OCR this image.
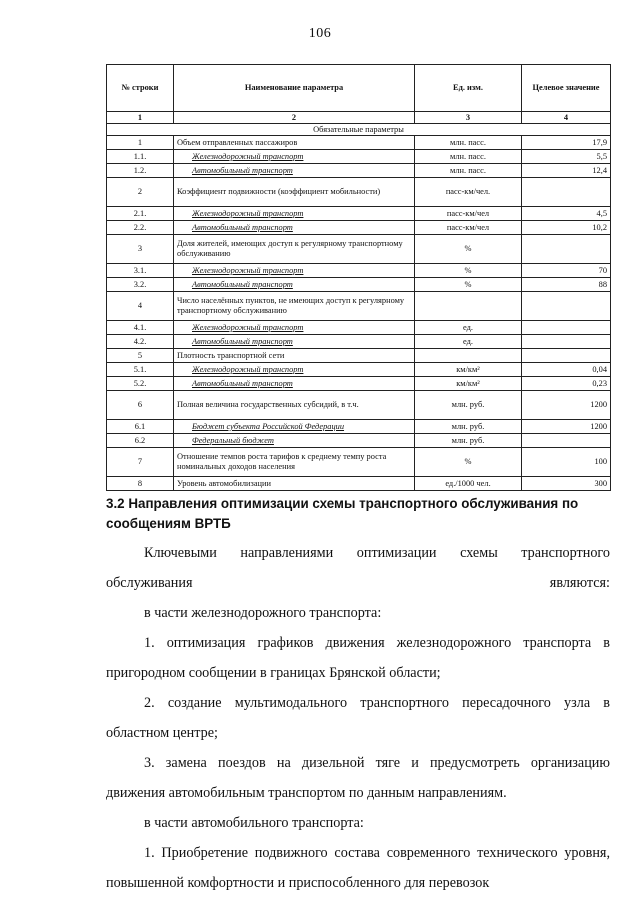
106
№ строки	Наименование параметра	Ед. изм.	Целевое значение
1	2	3	4
Обязательные параметры			
1	Объем отправленных пассажиров	млн. пасс.	17,9
1.1.	Железнодорожный транспорт	млн. пасс.	5,5
1.2.	Автомобильный транспорт	млн. пасс.	12,4
2	Коэффициент подвижности (коэффициент мобильности)	пасс-км/чел.	
2.1.	Железнодорожный транспорт	пасс-км/чел	4,5
2.2.	Автомобильный транспорт	пасс-км/чел	10,2
3	Доля жителей, имеющих доступ к регулярному транспортному обслуживанию	%	
3.1.	Железнодорожный транспорт	%	70
3.2.	Автомобильный транспорт	%	88
4	Число населённых пунктов, не имеющих доступ к регулярному транспортному обслуживанию		
4.1.	Железнодорожный транспорт	ед.	
4.2.	Автомобильный транспорт	ед.	
5	Плотность транспортной сети		
5.1.	Железнодорожный транспорт	км/км²	0,04
5.2.	Автомобильный транспорт	км/км²	0,23
6	Полная величина государственных субсидий, в т.ч.	млн. руб.	1200
6.1	Бюджет субъекта Российской Федерации	млн. руб.	1200
6.2	Федеральный бюджет	млн. руб.	
7	Отношение темпов роста тарифов к среднему темпу роста номинальных доходов населения	%	100
8	Уровень автомобилизации	ед./1000 чел.	300
3.2 Направления оптимизации схемы транспортного обслуживания по сообщениям ВРТБ

Ключевыми направлениями оптимизации схемы транспортного обслуживания являются:

в части железнодорожного транспорта:

1. оптимизация графиков движения железнодорожного транспорта в пригородном сообщении в границах Брянской области;

2. создание мультимодального транспортного пересадочного узла в областном центре;

3. замена поездов на дизельной тяге и предусмотреть организацию движения автомобильным транспортом по данным направлениям.

в части автомобильного транспорта:

1. Приобретение подвижного состава современного технического уровня, повышенной комфортности и приспособленного для перевозок
